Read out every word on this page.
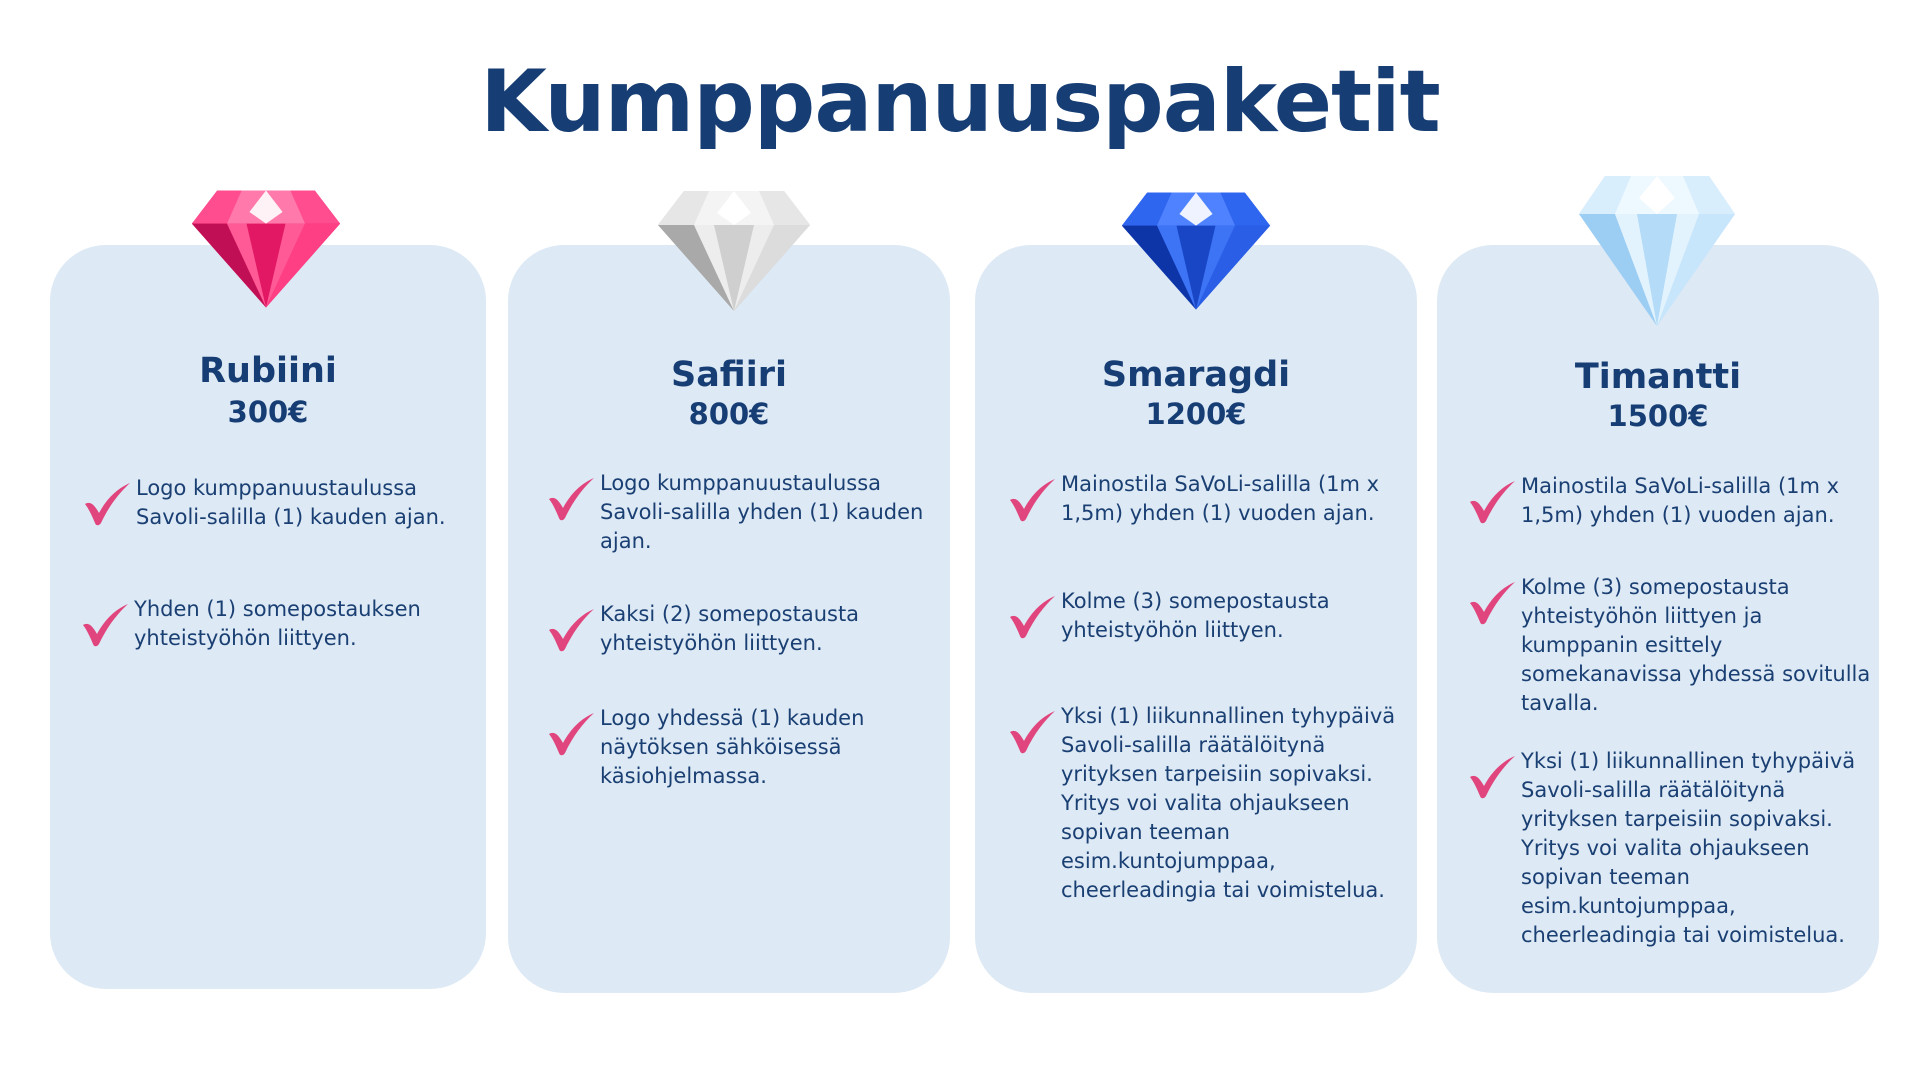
Kumppanuuspaketit
Rubiini
300€
Logo kumppanuustaulussa Savoli-salilla (1) kauden ajan.
Yhden (1) somepostauksen yhteistyöhön liittyen.
Safiiri
800€
Logo kumppanuustaulussa Savoli-salilla yhden (1) kauden ajan.
Kaksi (2) somepostausta yhteistyöhön liittyen.
Logo yhdessä (1) kauden näytöksen sähköisessä käsiohjelmassa.
Smaragdi
1200€
Mainostila SaVoLi-salilla (1m x 1,5m) yhden (1) vuoden ajan.
Kolme (3) somepostausta yhteistyöhön liittyen.
Yksi (1) liikunnallinen tyhypäivä Savoli-salilla räätälöitynä yrityksen tarpeisiin sopivaksi. Yritys voi valita ohjaukseen sopivan teeman esim.kuntojumppaa, cheerleadingia tai voimistelua.
Timantti
1500€
Mainostila SaVoLi-salilla (1m x 1,5m) yhden (1) vuoden ajan.
Kolme (3) somepostausta yhteistyöhön liittyen ja kumppanin esittely somekanavissa yhdessä sovitulla tavalla.
Yksi (1) liikunnallinen tyhypäivä Savoli-salilla räätälöitynä yrityksen tarpeisiin sopivaksi. Yritys voi valita ohjaukseen sopivan teeman esim.kuntojumppaa, cheerleadingia tai voimistelua.
